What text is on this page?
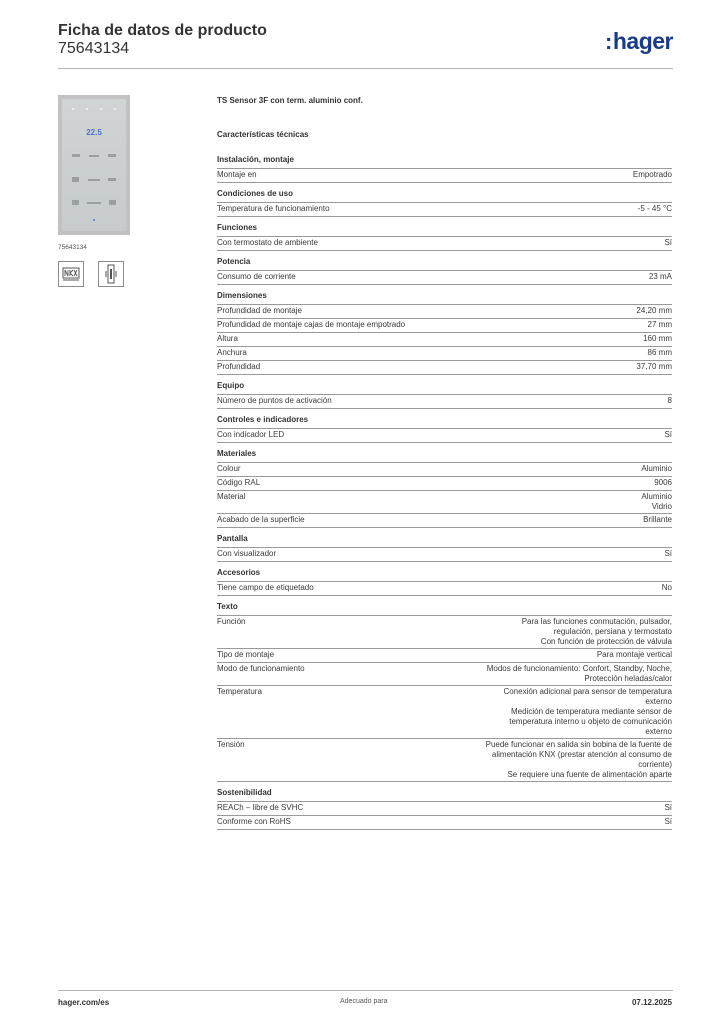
Ficha de datos de producto
75643134	:hager
22.5
75643134
TS Sensor 3F con term. aluminio conf.
Características técnicas
Instalación, montaje
Montaje en	Empotrado
Condiciones de uso
Temperatura de funcionamiento	-5 - 45 °C
Funciones
Con termostato de ambiente	Sí
Potencia
Consumo de corriente	23 mA
Dimensiones
Profundidad de montaje	24,20 mm
Profundidad de montaje cajas de montaje empotrado	27 mm
Altura	160 mm
Anchura	86 mm
Profundidad	37,70 mm
Equipo
Número de puntos de activación	8
Controles e indicadores
Con indicador LED	Sí
Materiales
Colour	Aluminio
Código RAL	9006
Material	Aluminio
Vidrio
Acabado de la superficie	Brillante
Pantalla
Con visualizador	Sí
Accesorios
Tiene campo de etiquetado	No
Texto
Función	Para las funciones conmutación, pulsador,
regulación, persiana y termostato
Con función de protección de válvula
Tipo de montaje	Para montaje vertical
Modo de funcionamiento	Modos de funcionamiento: Confort, Standby, Noche,
Protección heladas/calor
Temperatura	Conexión adicional para sensor de temperatura
externo
Medición de temperatura mediante sensor de
temperatura interno u objeto de comunicación
externo
Tensión	Puede funcionar en salida sin bobina de la fuente de
alimentación KNX (prestar atención al consumo de
corriente)
Se requiere una fuente de alimentación aparte
Sostenibilidad
REACh – libre de SVHC	Sí
Conforme con RoHS	Sí
hager.com/es	Adecuado para	07.12.2025
